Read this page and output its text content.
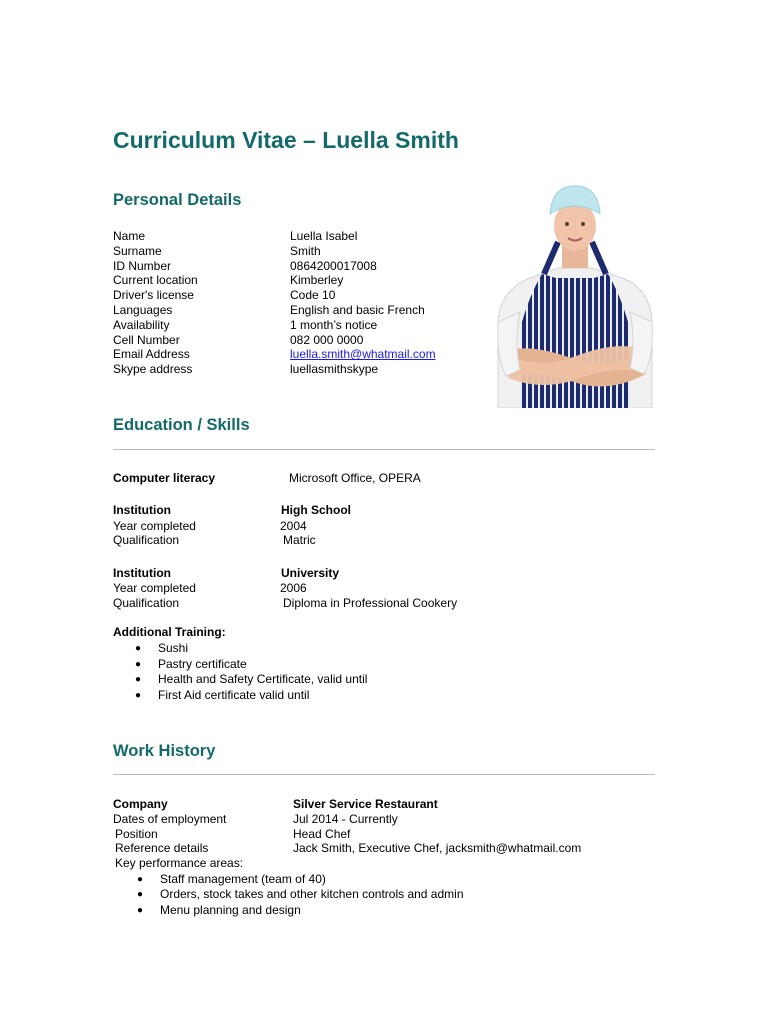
Curriculum Vitae – Luella Smith
Personal Details
Name	Luella Isabel
Surname	Smith
ID Number	0864200017008
Current location	Kimberley
Driver's license	Code 10
Languages	English and basic French
Availability	1 month’s notice
Cell Number	082 000 0000
Email Address	luella.smith@whatmail.com
Skype address	luellasmithskype
Education / Skills
Computer literacy	Microsoft Office, OPERA
Institution	High School
Year completed	2004
Qualification	Matric
Institution	University
Year completed	2006
Qualification	Diploma in Professional Cookery
Additional Training:
● Sushi
● Pastry certificate
● Health and Safety Certificate, valid until
● First Aid certificate valid until
Work History
Company	Silver Service Restaurant
Dates of employment	Jul 2014 - Currently
Position	Head Chef
Reference details	Jack Smith, Executive Chef, jacksmith@whatmail.com
Key performance areas:
● Staff management (team of 40)
● Orders, stock takes and other kitchen controls and admin
● Menu planning and design
